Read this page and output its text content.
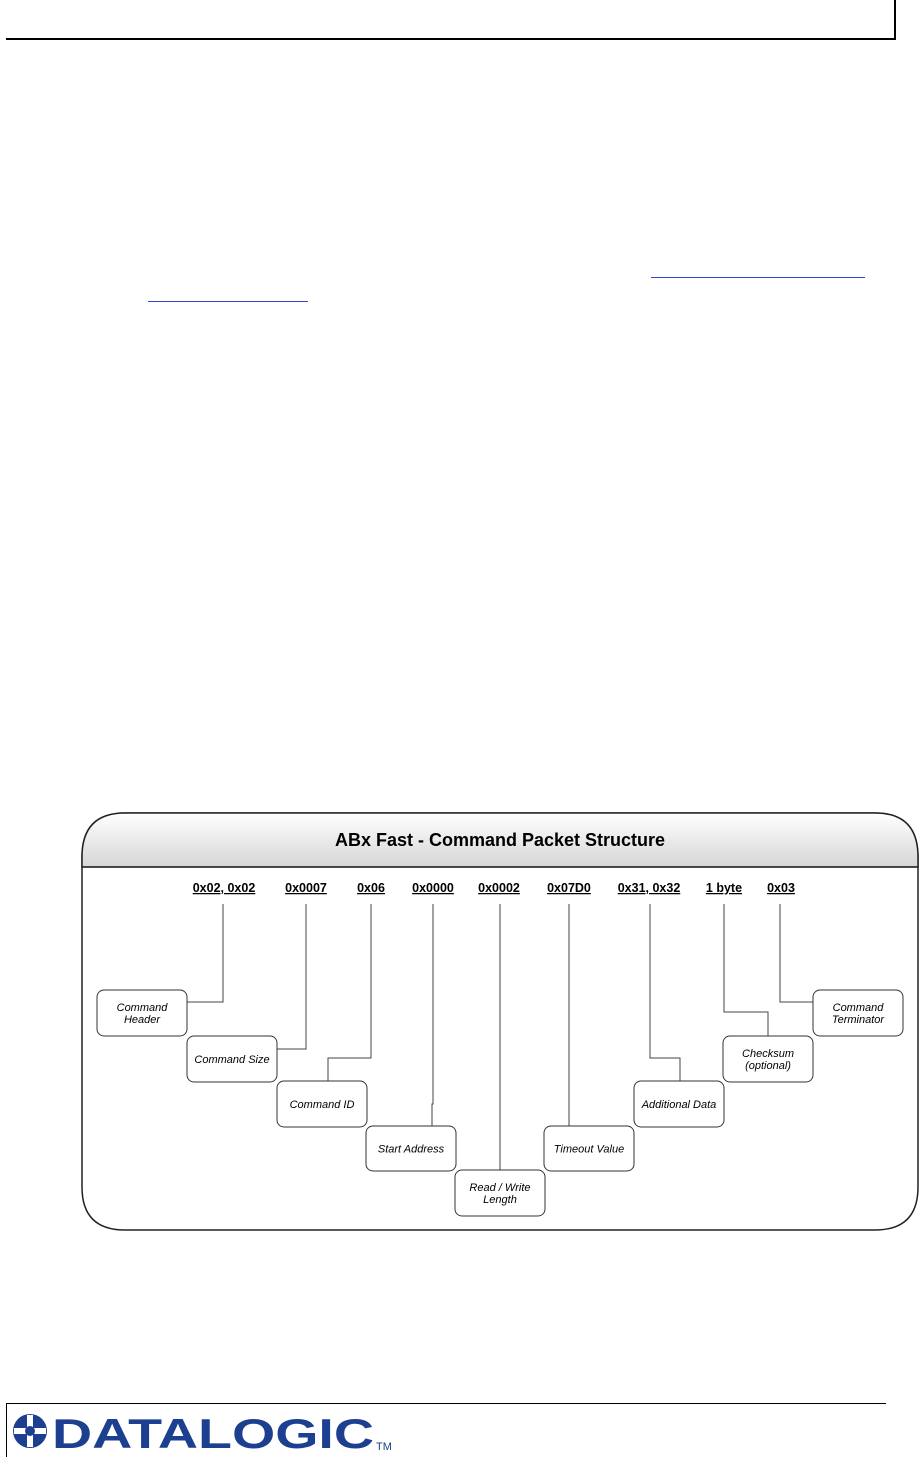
ABx Fast - Command Packet Structure
0x02, 0x02 0x0007 0x06 0x0000 0x0002 0x07D0 0x31, 0x32 1 byte 0x03
Command
Header
Command Size
Command ID
Start Address
Read / Write
Length
Timeout Value
Additional Data
Checksum
(optional)
Command
Terminator
DATALOGIC TM
